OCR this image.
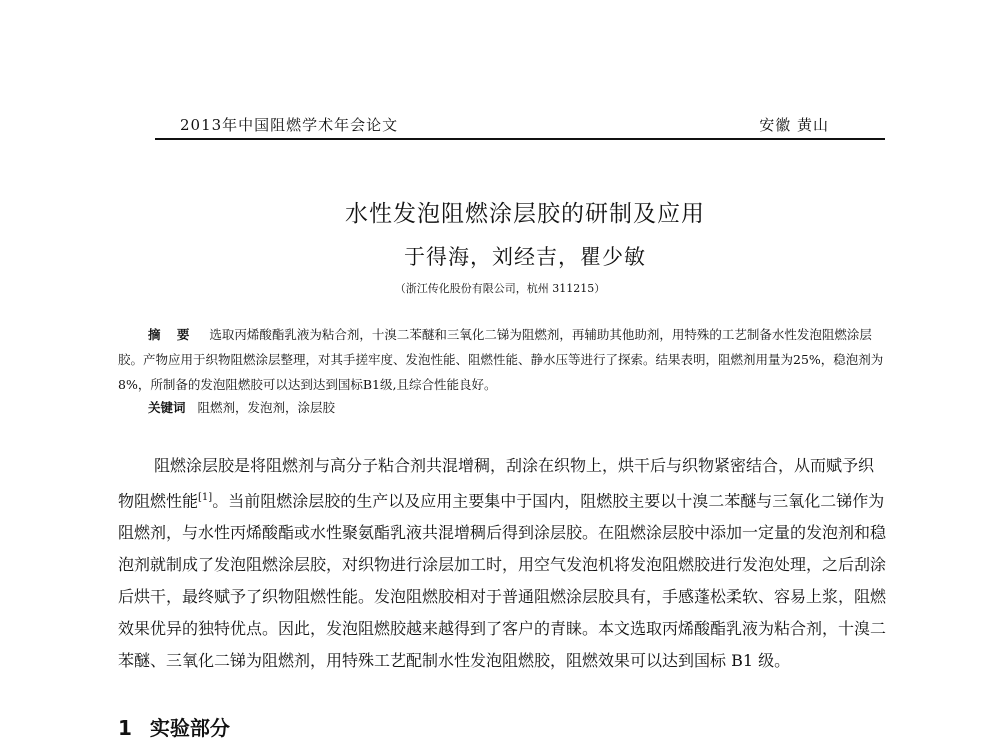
2013年中国阻燃学术年会论文	安徽 黄山
水性发泡阻燃涂层胶的研制及应用
于得海，刘经吉，瞿少敏
（浙江传化股份有限公司，杭州 311215）
摘 要 选取丙烯酸酯乳液为粘合剂，十溴二苯醚和三氧化二锑为阻燃剂，再辅助其他助剂，用特殊的工艺制备水性发泡阻燃涂层胶。产物应用于织物阻燃涂层整理，对其手搓牢度、发泡性能、阻燃性能、静水压等进行了探索。结果表明，阻燃剂用量为25%，稳泡剂为8%，所制备的发泡阻燃胶可以达到达到国标B1级,且综合性能良好。
关键词 阻燃剂，发泡剂，涂层胶

阻燃涂层胶是将阻燃剂与高分子粘合剂共混增稠，刮涂在织物上，烘干后与织物紧密结合，从而赋予织物阻燃性能[1]。当前阻燃涂层胶的生产以及应用主要集中于国内，阻燃胶主要以十溴二苯醚与三氧化二锑作为阻燃剂，与水性丙烯酸酯或水性聚氨酯乳液共混增稠后得到涂层胶。在阻燃涂层胶中添加一定量的发泡剂和稳泡剂就制成了发泡阻燃涂层胶，对织物进行涂层加工时，用空气发泡机将发泡阻燃胶进行发泡处理，之后刮涂后烘干，最终赋予了织物阻燃性能。发泡阻燃胶相对于普通阻燃涂层胶具有，手感蓬松柔软、容易上浆，阻燃效果优异的独特优点。因此，发泡阻燃胶越来越得到了客户的青睐。本文选取丙烯酸酯乳液为粘合剂，十溴二苯醚、三氧化二锑为阻燃剂，用特殊工艺配制水性发泡阻燃胶，阻燃效果可以达到国标 B1 级。

1 实验部分
